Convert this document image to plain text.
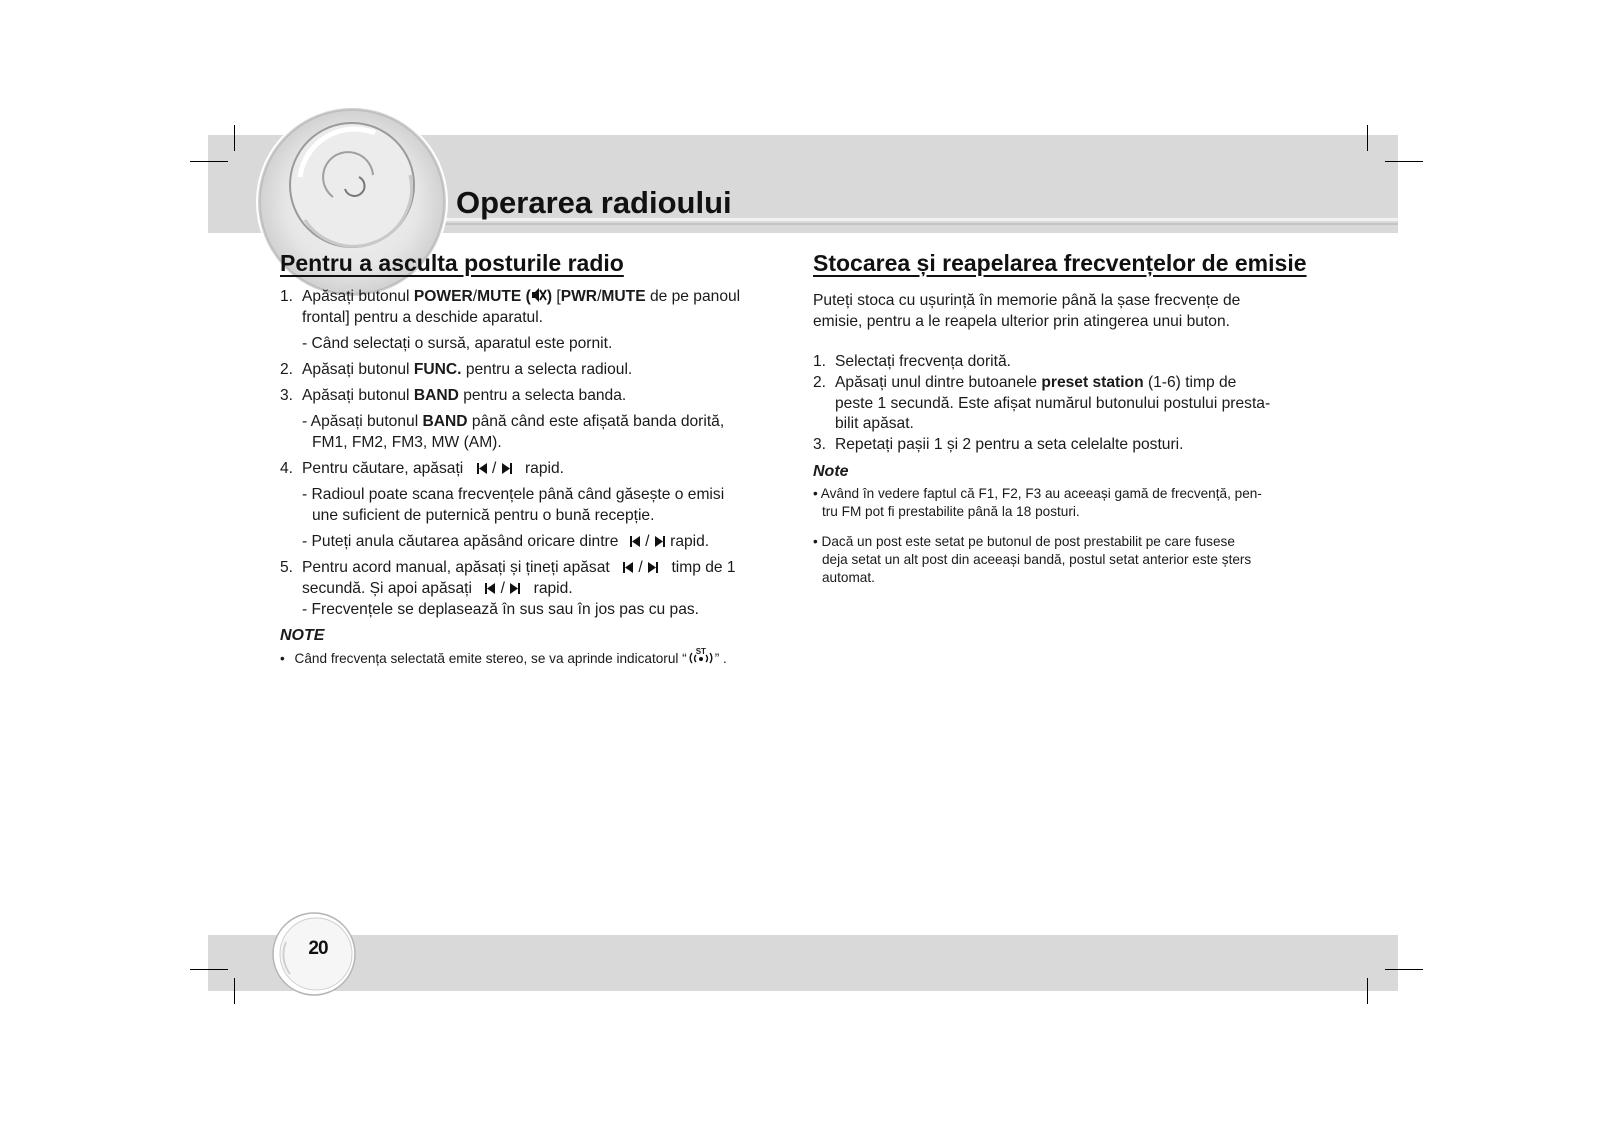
20
Operarea radioului
Pentru a asculta posturile radio
1. Apăsați butonul POWER/MUTE ( ) [PWR/MUTE de pe panoul
frontal] pentru a deschide aparatul.
- Când selectați o sursă, aparatul este pornit.
2. Apăsați butonul FUNC. pentru a selecta radioul.
3. Apăsați butonul BAND pentru a selecta banda.
- Apăsați butonul BAND până când este afișată banda dorită,
FM1, FM2, FM3, MW (AM).
4. Pentru căutare, apăsați / rapid.
- Radioul poate scana frecvențele până când găsește o emisi
une suficient de puternică pentru o bună recepție.
- Puteți anula căutarea apăsând oricare dintre / rapid.
5. Pentru acord manual, apăsați și țineți apăsat / timp de 1
secundă. Și apoi apăsați / rapid.
- Frecvențele se deplasează în sus sau în jos pas cu pas.
NOTE
• Când frecvența selectată emite stereo, se va aprinde indicatorul “ ST ” .
Stocarea și reapelarea frecvențelor de emisie
Puteți stoca cu ușurință în memorie până la șase frecvențe de
emisie, pentru a le reapela ulterior prin atingerea unui buton.
1. Selectați frecvența dorită.
2. Apăsați unul dintre butoanele preset station (1-6) timp de
peste 1 secundă. Este afișat numărul butonului postului presta-
bilit apăsat.
3. Repetați pașii 1 și 2 pentru a seta celelalte posturi.
Note
• Având în vedere faptul că F1, F2, F3 au aceeași gamă de frecvență, pen-
tru FM pot fi prestabilite până la 18 posturi.
• Dacă un post este setat pe butonul de post prestabilit pe care fusese
deja setat un alt post din aceeași bandă, postul setat anterior este șters
automat.
